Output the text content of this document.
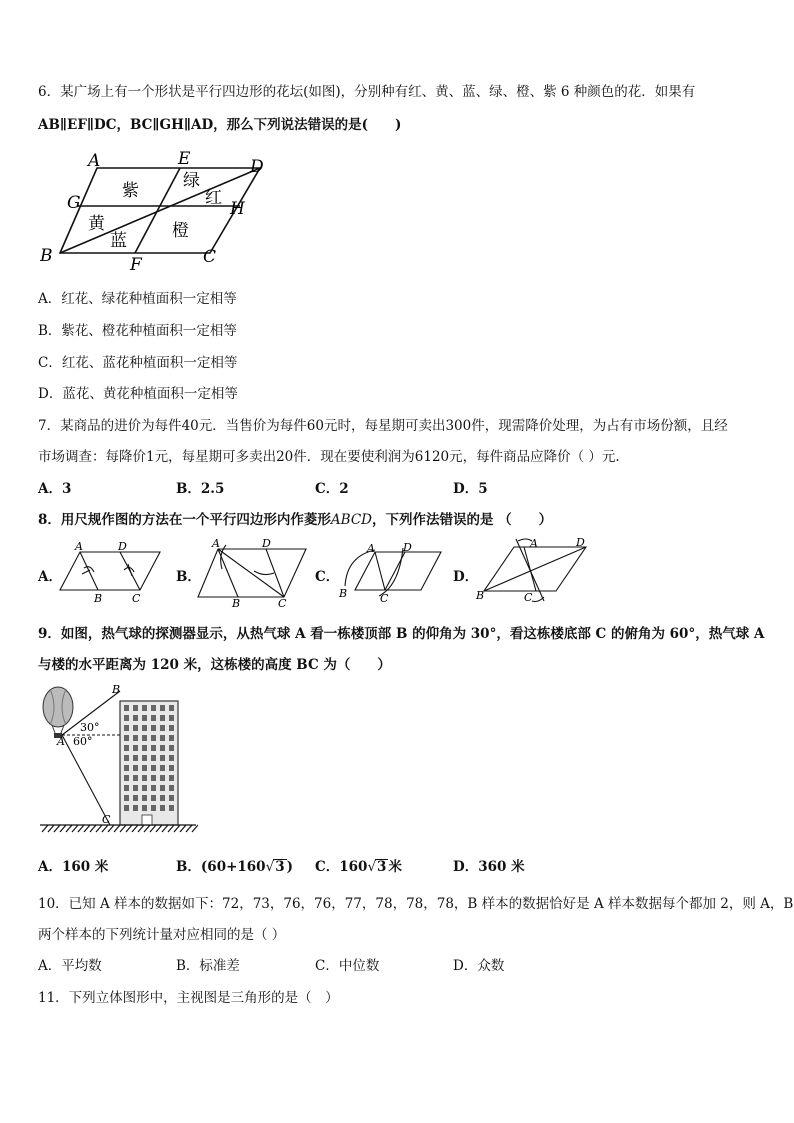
6．某广场上有一个形状是平行四边形的花坛(如图)，分别种有红、黄、蓝、绿、橙、紫 6 种颜色的花．如果有
AB∥EF∥DC，BC∥GH∥AD，那么下列说法错误的是(　　)
A	E	D
G	H
B	F	C
紫	绿
红
黄
蓝	橙
A．红花、绿花种植面积一定相等
B．紫花、橙花种植面积一定相等
C．红花、蓝花种植面积一定相等
D．蓝花、黄花种植面积一定相等
7．某商品的进价为每件40元．当售价为每件60元时，每星期可卖出300件，现需降价处理，为占有市场份额，且经
市场调查：每降价1元，每星期可多卖出20件．现在要使利润为6120元，每件商品应降价（ ）元.
A．3	B．2.5	C．2	D．5
8．用尺规作图的方法在一个平行四边形内作菱形ABCD，下列作法错误的是 （　　）
A．
A	D
B	C
B．
A	D
B	C
C．
A	D
B	C
D．
A	D
B	C
9．如图，热气球的探测器显示，从热气球 A 看一栋楼顶部 B 的仰角为 30°，看这栋楼底部 C 的俯角为 60°，热气球 A
与楼的水平距离为 120 米，这栋楼的高度 BC 为（　　）
B
A
C
30°
60°
A．160 米	B．(60+160√3 ) C．160√3 米	D．360 米
10．已知 A 样本的数据如下：72，73，76，76，77，78，78，78，B 样本的数据恰好是 A 样本数据每个都加 2，则 A，B
两个样本的下列统计量对应相同的是（ ）
A．平均数	B．标准差	C．中位数	D．众数
11．下列立体图形中，主视图是三角形的是（　）
